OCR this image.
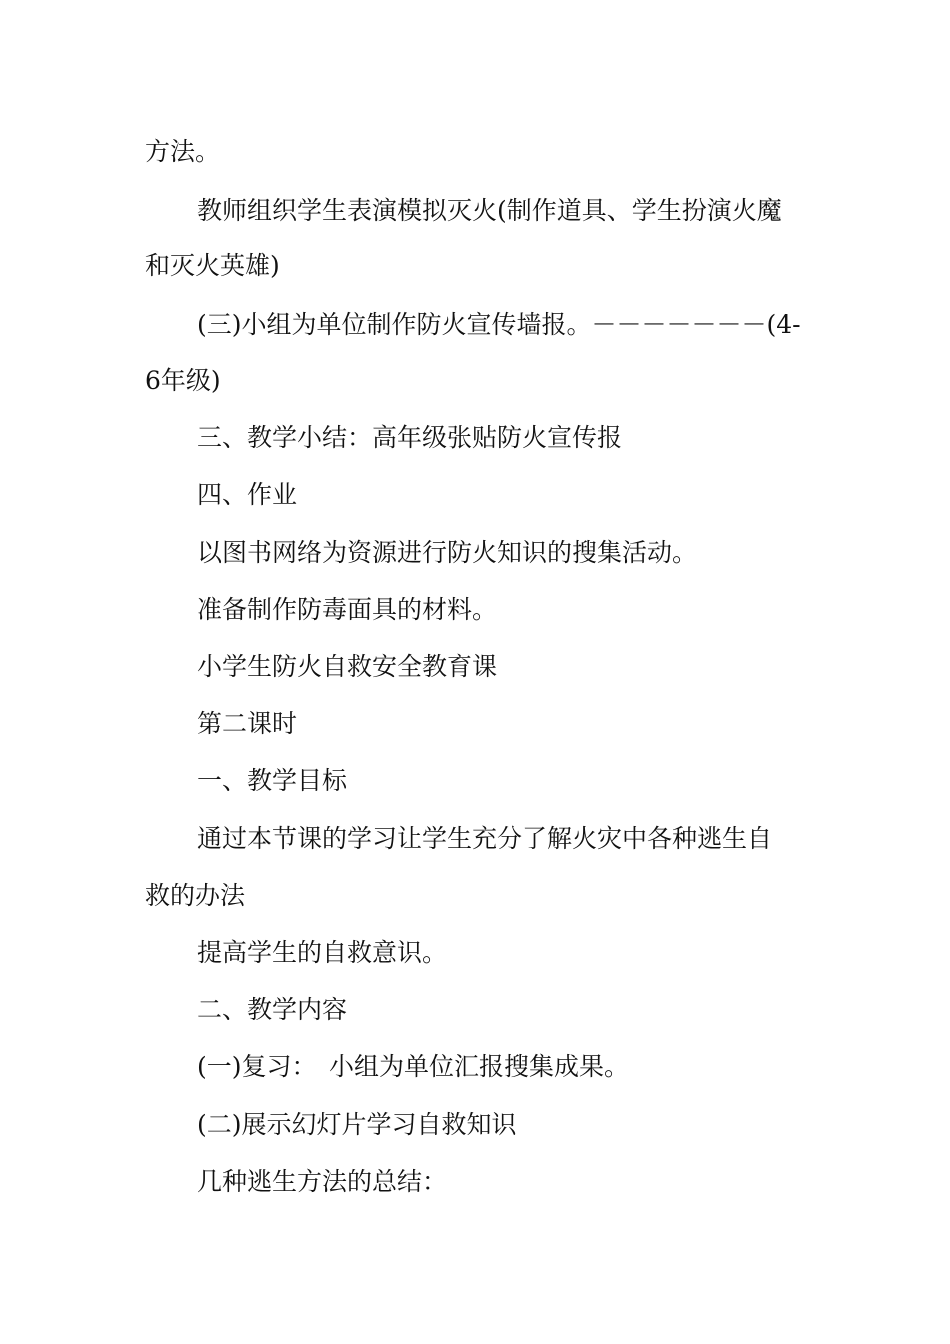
方法。
教师组织学生表演模拟灭火(制作道具、学生扮演火魔
和灭火英雄)
(三)小组为单位制作防火宣传墙报。－－－－－－－(4-
6年级)
三、教学小结：高年级张贴防火宣传报
四、作业
以图书网络为资源进行防火知识的搜集活动。
准备制作防毒面具的材料。
小学生防火自救安全教育课
第二课时
一、教学目标
通过本节课的学习让学生充分了解火灾中各种逃生自
救的办法
提高学生的自救意识。
二、教学内容
(一)复习：　小组为单位汇报搜集成果。
(二)展示幻灯片学习自救知识
几种逃生方法的总结：
